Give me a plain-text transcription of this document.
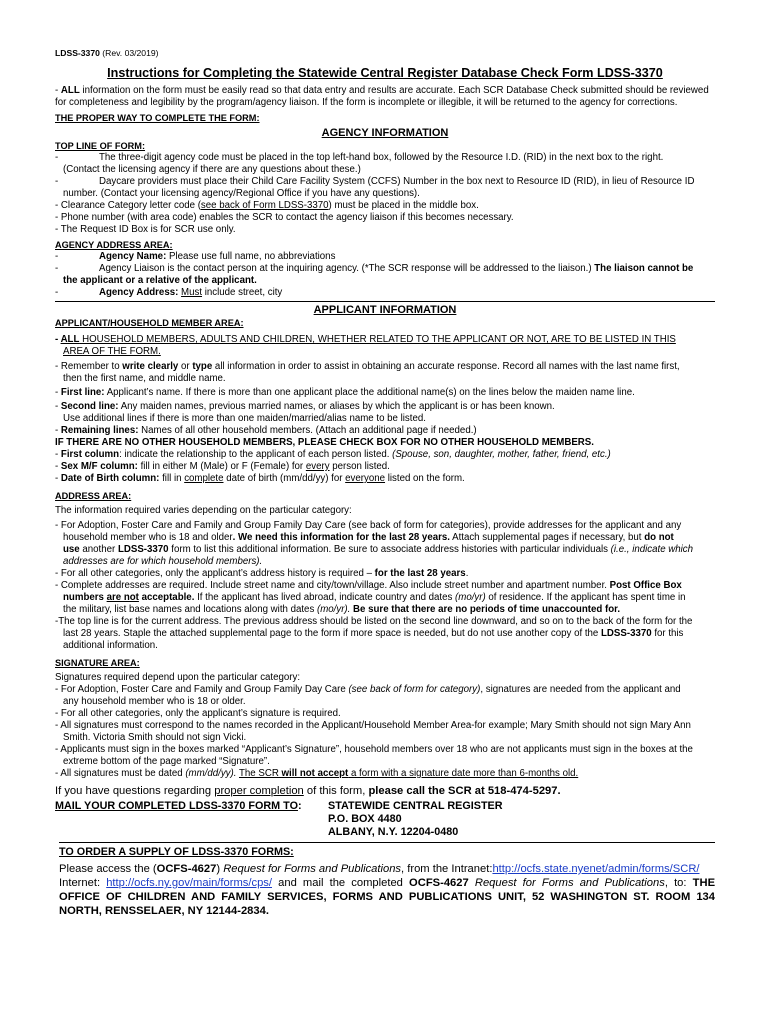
LDSS-3370 (Rev. 03/2019)
Instructions for Completing the Statewide Central Register Database Check Form LDSS-3370

- ALL information on the form must be easily read so that data entry and results are accurate. Each SCR Database Check submitted should be reviewed for completeness and legibility by the program/agency liaison. If the form is incomplete or illegible, it will be returned to the agency for corrections.

THE PROPER WAY TO COMPLETE THE FORM:
AGENCY INFORMATION
TOP LINE OF FORM:
-	The three-digit agency code must be placed in the top left-hand box, followed by the Resource I.D. (RID) in the next box to the right.

(Contact the licensing agency if there are any questions about these.)

-	Daycare providers must place their Child Care Facility System (CCFS) Number in the box next to Resource ID (RID), in lieu of Resource ID

number. (Contact your licensing agency/Regional Office if you have any questions).

- Clearance Category letter code (see back of Form LDSS-3370) must be placed in the middle box.

- Phone number (with area code) enables the SCR to contact the agency liaison if this becomes necessary.

- The Request ID Box is for SCR use only.

AGENCY ADDRESS AREA:
-	Agency Name: Please use full name, no abbreviations
-	Agency Liaison is the contact person at the inquiring agency. (*The SCR response will be addressed to the liaison.) The liaison cannot be

the applicant or a relative of the applicant.

-	Agency Address: Must include street, city
APPLICANT INFORMATION
APPLICANT/HOUSEHOLD MEMBER AREA:

- ALL HOUSEHOLD MEMBERS, ADULTS AND CHILDREN, WHETHER RELATED TO THE APPLICANT OR NOT, ARE TO BE LISTED IN THIS

AREA OF THE FORM.

- Remember to write clearly or type all information in order to assist in obtaining an accurate response. Record all names with the last name first,

then the first name, and middle name.

- First line: Applicant’s name. If there is more than one applicant place the additional name(s) on the lines below the maiden name line.

- Second line: Any maiden names, previous married names, or aliases by which the applicant is or has been known.

Use additional lines if there is more than one maiden/married/alias name to be listed.

- Remaining lines: Names of all other household members. (Attach an additional page if needed.)

IF THERE ARE NO OTHER HOUSEHOLD MEMBERS, PLEASE CHECK BOX FOR NO OTHER HOUSEHOLD MEMBERS.

- First column: indicate the relationship to the applicant of each person listed. (Spouse, son, daughter, mother, father, friend, etc.)

- Sex M/F column: fill in either M (Male) or F (Female) for every person listed.

- Date of Birth column: fill in complete date of birth (mm/dd/yy) for everyone listed on the form.

ADDRESS AREA:

The information required varies depending on the particular category:

- For Adoption, Foster Care and Family and Group Family Day Care (see back of form for categories), provide addresses for the applicant and any

household member who is 18 and older. We need this information for the last 28 years. Attach supplemental pages if necessary, but do not

use another LDSS-3370 form to list this additional information. Be sure to associate address histories with particular individuals (i.e., indicate which

addresses are for which household members).

- For all other categories, only the applicant’s address history is required – for the last 28 years.

- Complete addresses are required. Include street name and city/town/village. Also include street number and apartment number. Post Office Box

numbers are not acceptable. If the applicant has lived abroad, indicate country and dates (mo/yr) of residence. If the applicant has spent time in

the military, list base names and locations along with dates (mo/yr). Be sure that there are no periods of time unaccounted for.

-The top line is for the current address. The previous address should be listed on the second line downward, and so on to the back of the form for the

last 28 years. Staple the attached supplemental page to the form if more space is needed, but do not use another copy of the LDSS-3370 for this

additional information.

SIGNATURE AREA:

Signatures required depend upon the particular category:

- For Adoption, Foster Care and Family and Group Family Day Care (see back of form for category), signatures are needed from the applicant and

any household member who is 18 or older.

- For all other categories, only the applicant’s signature is required.

- All signatures must correspond to the names recorded in the Applicant/Household Member Area-for example; Mary Smith should not sign Mary Ann

Smith. Victoria Smith should not sign Vicki.

- Applicants must sign in the boxes marked “Applicant’s Signature”, household members over 18 who are not applicants must sign in the boxes at the

extreme bottom of the page marked “Signature”.

- All signatures must be dated (mm/dd/yy). The SCR will not accept a form with a signature date more than 6-months old.

If you have questions regarding proper completion of this form, please call the SCR at 518-474-5297.

MAIL YOUR COMPLETED LDSS-3370 FORM TO:	STATEWIDE CENTRAL REGISTER
P.O. BOX 4480
ALBANY, N.Y. 12204-0480
TO ORDER A SUPPLY OF LDSS-3370 FORMS:

Please access the (OCFS-4627) Request for Forms and Publications, from the Intranet:http://ocfs.state.nyenet/admin/forms/SCR/

Internet: http://ocfs.ny.gov/main/forms/cps/ and mail the completed OCFS-4627 Request for Forms and Publications, to: THE OFFICE OF CHILDREN AND FAMILY SERVICES, FORMS AND PUBLICATIONS UNIT, 52 WASHINGTON ST. ROOM 134 NORTH, RENSSELAER, NY 12144-2834.
